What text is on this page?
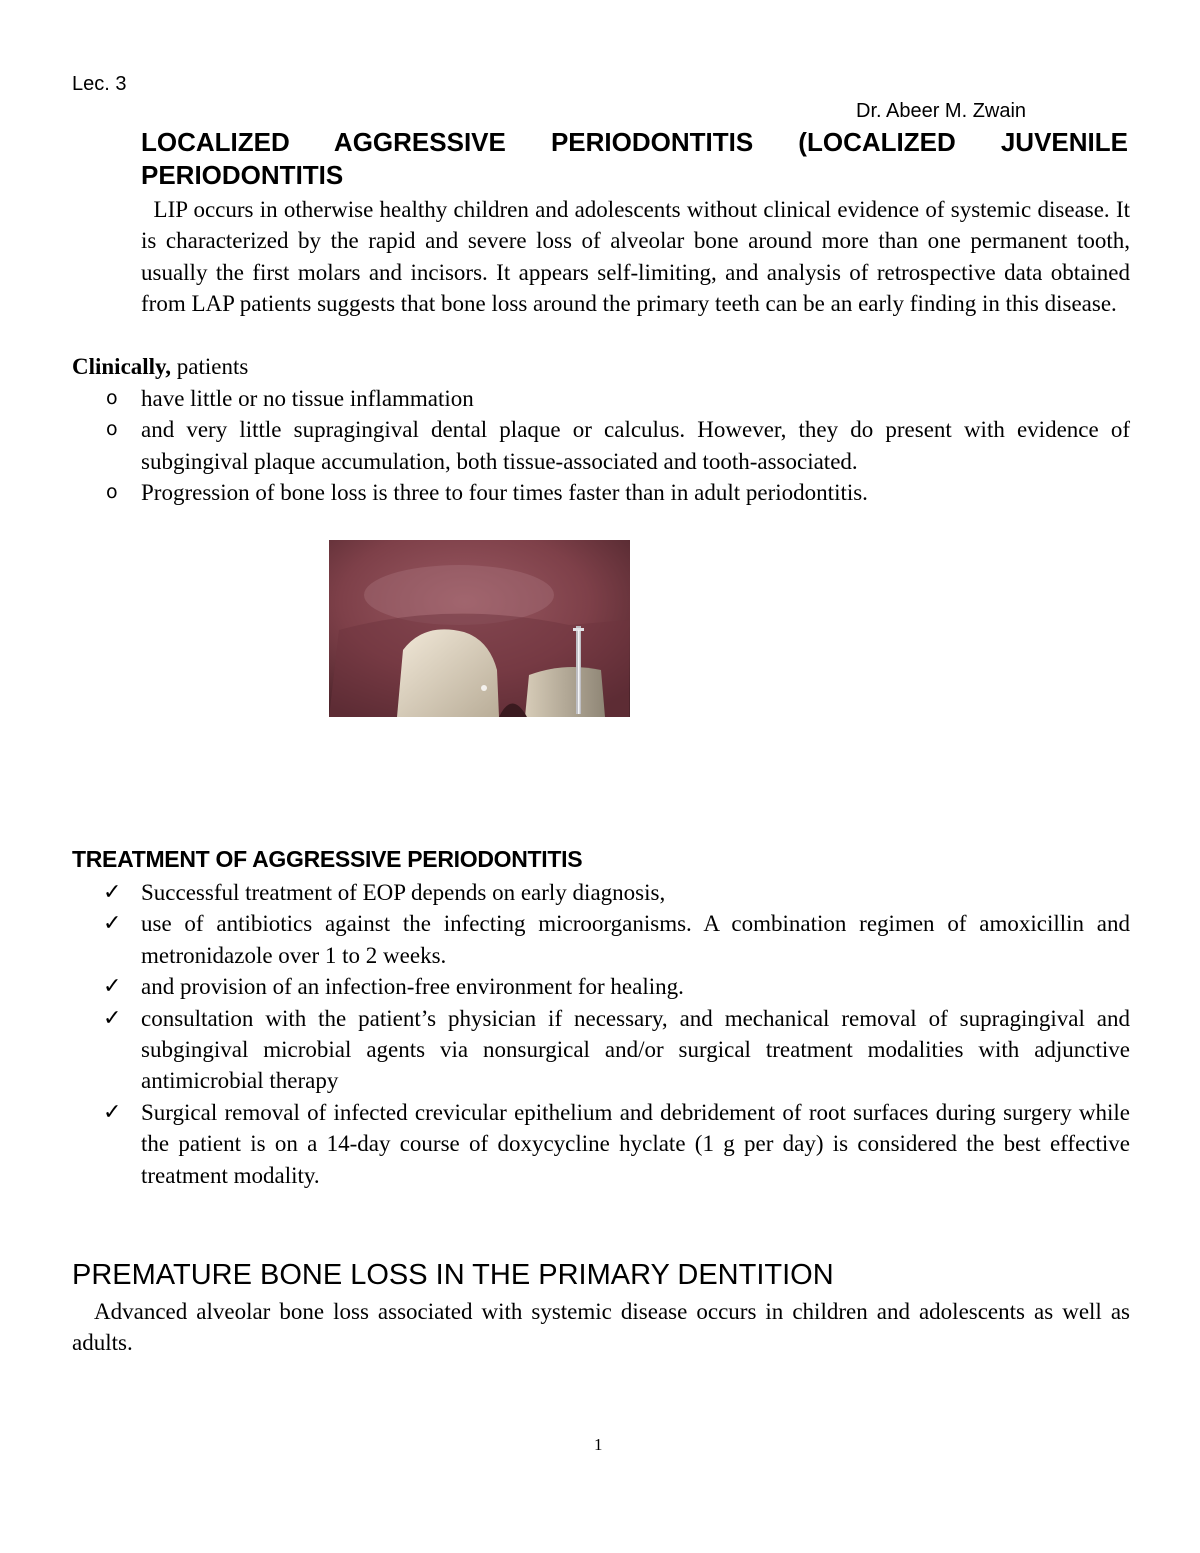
Lec. 3
Dr. Abeer M. Zwain
LOCALIZED AGGRESSIVE PERIODONTITIS (LOCALIZED JUVENILE PERIODONTITIS
LIP occurs in otherwise healthy children and adolescents without clinical evidence of systemic disease. It is characterized by the rapid and severe loss of alveolar bone around more than one permanent tooth, usually the first molars and incisors. It appears self-limiting, and analysis of retrospective data obtained from LAP patients suggests that bone loss around the primary teeth can be an early finding in this disease.
Clinically, patients
o have little or no tissue inflammation
o and very little supragingival dental plaque or calculus. However, they do present with evidence of subgingival plaque accumulation, both tissue-associated and tooth-associated.
o Progression of bone loss is three to four times faster than in adult periodontitis.
TREATMENT OF AGGRESSIVE PERIODONTITIS
✓ Successful treatment of EOP depends on early diagnosis,
✓ use of antibiotics against the infecting microorganisms. A combination regimen of amoxicillin and metronidazole over 1 to 2 weeks.
✓ and provision of an infection-free environment for healing.
✓ consultation with the patient’s physician if necessary, and mechanical removal of supragingival and subgingival microbial agents via nonsurgical and/or surgical treatment modalities with adjunctive antimicrobial therapy
✓ Surgical removal of infected crevicular epithelium and debridement of root surfaces during surgery while the patient is on a 14-day course of doxycycline hyclate (1 g per day) is considered the best effective treatment modality.
PREMATURE BONE LOSS IN THE PRIMARY DENTITION
Advanced alveolar bone loss associated with systemic disease occurs in children and adolescents as well as adults.
1
